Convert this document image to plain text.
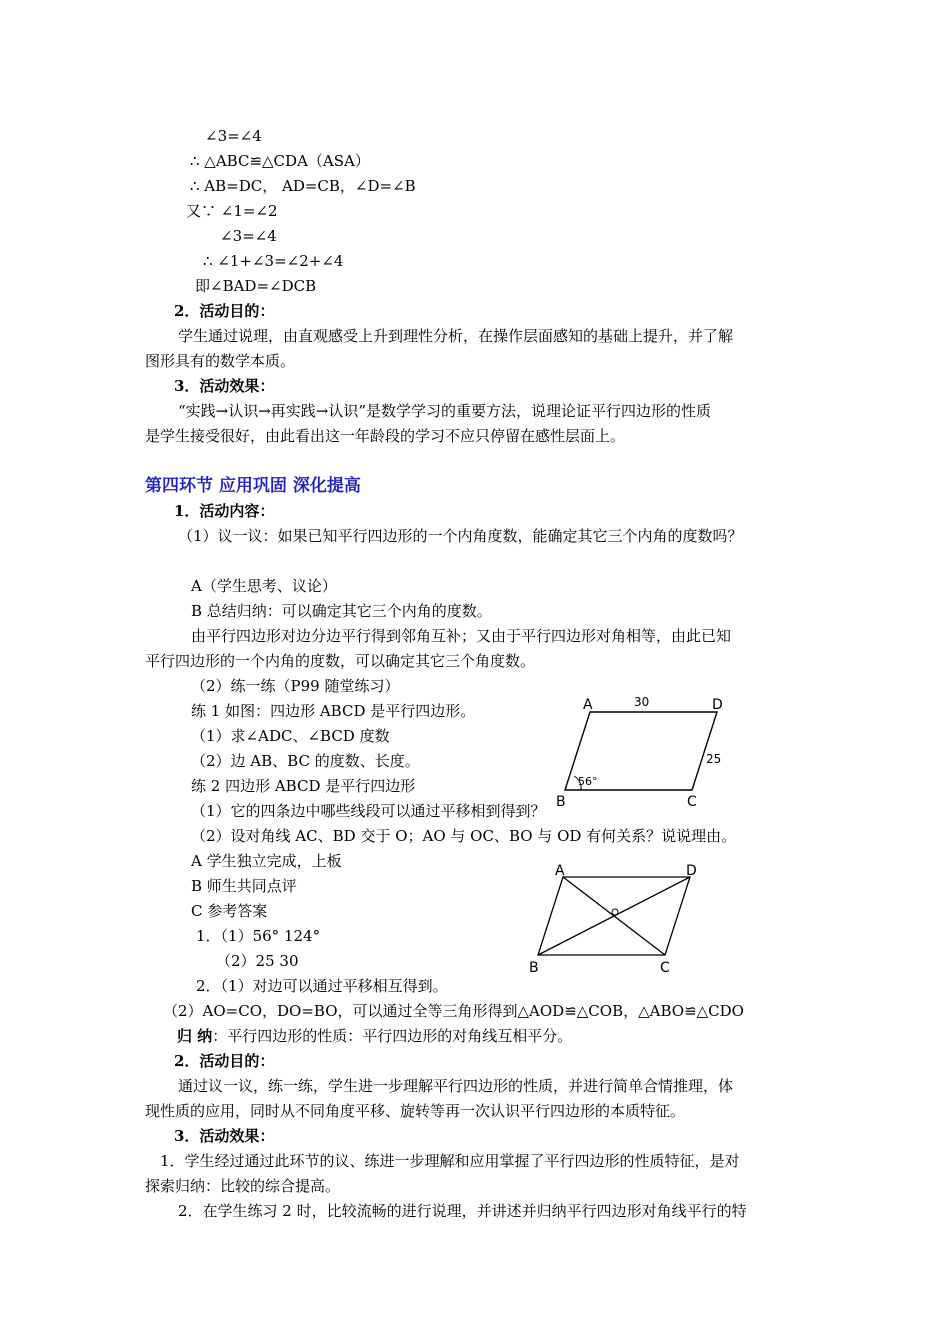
∠3=∠4
∴ △ABC≌△CDA（ASA）
∴ AB=DC， AD=CB，∠D=∠B
又∵ ∠1=∠2
∠3=∠4
∴ ∠1+∠3=∠2+∠4
即∠BAD=∠DCB
2．活动目的：
学生通过说理，由直观感受上升到理性分析，在操作层面感知的基础上提升，并了解
图形具有的数学本质。
3．活动效果：
“实践→认识→再实践→认识”是数学学习的重要方法，说理论证平行四边形的性质
是学生接受很好，由此看出这一年龄段的学习不应只停留在感性层面上。
第四环节 应用巩固 深化提高
1．活动内容：
（1）议一议：如果已知平行四边形的一个内角度数，能确定其它三个内角的度数吗？
A（学生思考、议论）
B 总结归纳：可以确定其它三个内角的度数。
由平行四边形对边分边平行得到邻角互补；又由于平行四边形对角相等，由此已知
平行四边形的一个内角的度数，可以确定其它三个角度数。
（2）练一练（P99 随堂练习）
练 1 如图：四边形 ABCD 是平行四边形。
（1）求∠ADC、∠BCD 度数
（2）边 AB、BC 的度数、长度。
练 2 四边形 ABCD 是平行四边形
（1）它的四条边中哪些线段可以通过平移相到得到？
（2）设对角线 AC、BD 交于 O；AO 与 OC、BO 与 OD 有何关系？说说理由。
A 学生独立完成，上板
B 师生共同点评
C 参考答案
1．（1）56° 124°
（2）25 30
2．（1）对边可以通过平移相互得到。
（2）AO=CO，DO=BO，可以通过全等三角形得到△AOD≌△COB，△ABO≌△CDO
归 纳：平行四边形的性质：平行四边形的对角线互相平分。
2．活动目的：
通过议一议，练一练，学生进一步理解平行四边形的性质，并进行简单合情推理，体
现性质的应用，同时从不同角度平移、旋转等再一次认识平行四边形的本质特征。
3．活动效果：
1．学生经过通过此环节的议、练进一步理解和应用掌握了平行四边形的性质特征，是对
探索归纳：比较的综合提高。
2．在学生练习 2 时，比较流畅的进行说理，并讲述并归纳平行四边形对角线平行的特
A	D
B	C
30
25
56°
A	D
B	C
